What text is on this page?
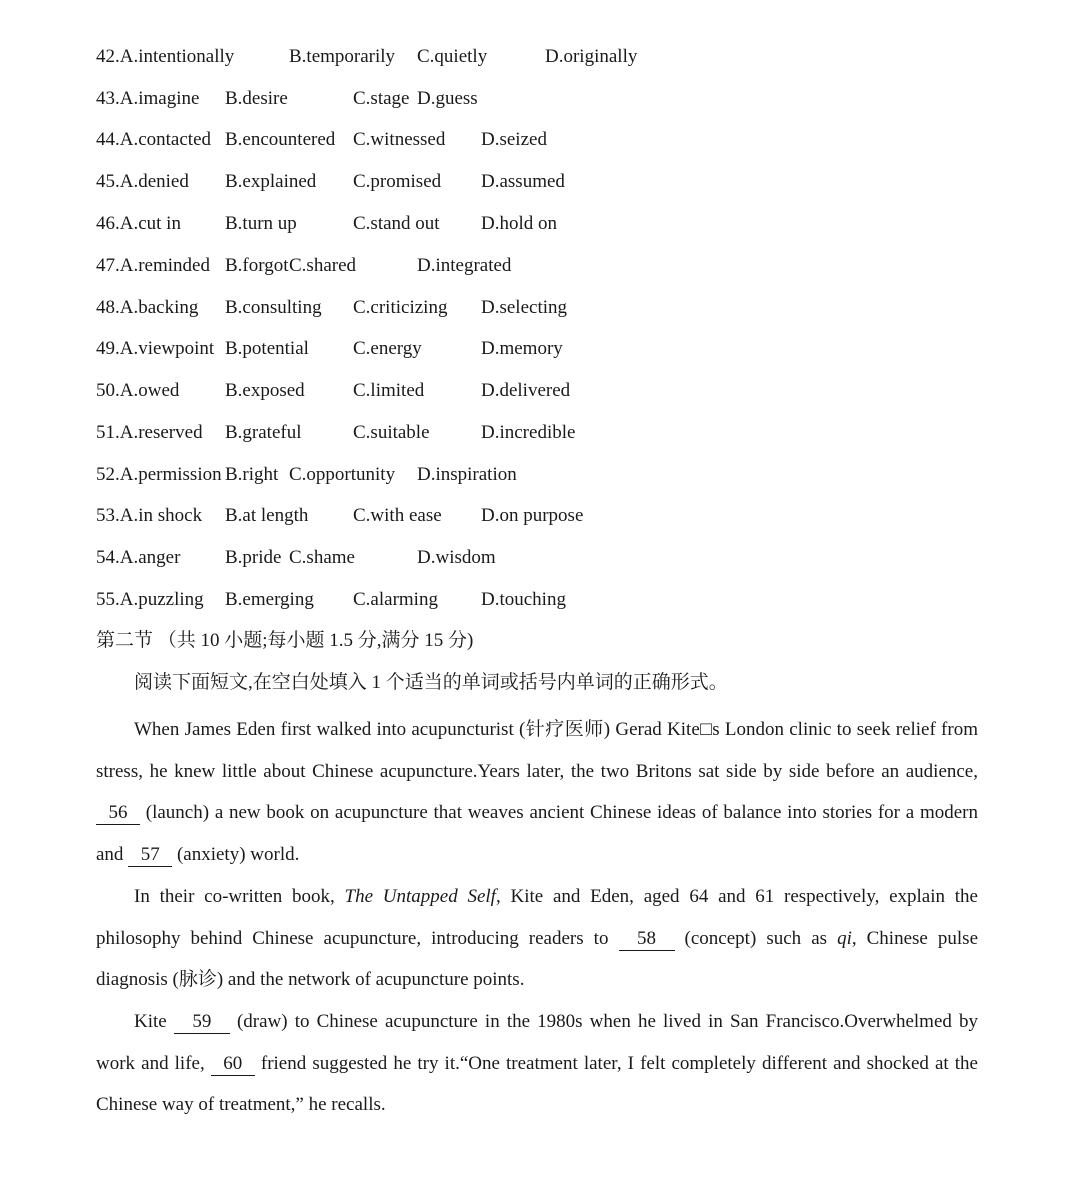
42.A.intentionally	B.temporarily C.quietly	D.originally
43.A.imagine B.desire	C.stage D.guess
44.A.contacted B.encountered C.witnessed D.seized
45.A.denied B.explained C.promised D.assumed
46.A.cut in B.turn up	C.stand out D.hold on
47.A.reminded B.forgot C.shared	D.integrated
48.A.backing B.consulting C.criticizing D.selecting
49.A.viewpoint B.potential C.energy	D.memory
50.A.owed B.exposed	C.limited	D.delivered
51.A.reserved B.grateful	C.suitable	D.incredible
52.A.permission B.right C.opportunity D.inspiration
53.A.in shock B.at length C.with ease D.on purpose
54.A.anger B.pride C.shame	D.wisdom
55.A.puzzling B.emerging C.alarming D.touching
第二节 （共 10 小题;每小题 1.5 分,满分 15 分)
阅读下面短文,在空白处填入 1 个适当的单词或括号内单词的正确形式。

When James Eden first walked into acupuncturist (针疗医师) Gerad Kite□s London clinic to seek relief from stress, he knew little about Chinese acupuncture.Years later, the two Britons sat side by side before an audience, 56 (launch) a new book on acupuncture that weaves ancient Chinese ideas of balance into stories for a modern and 57 (anxiety) world.

In their co-written book, The Untapped Self, Kite and Eden, aged 64 and 61 respectively, explain the philosophy behind Chinese acupuncture, introducing readers to 58 (concept) such as qi, Chinese pulse diagnosis (脉诊) and the network of acupuncture points.

Kite 59 (draw) to Chinese acupuncture in the 1980s when he lived in San Francisco.Overwhelmed by work and life, 60 friend suggested he try it.“One treatment later, I felt completely different and shocked at the Chinese way of treatment,” he recalls.
